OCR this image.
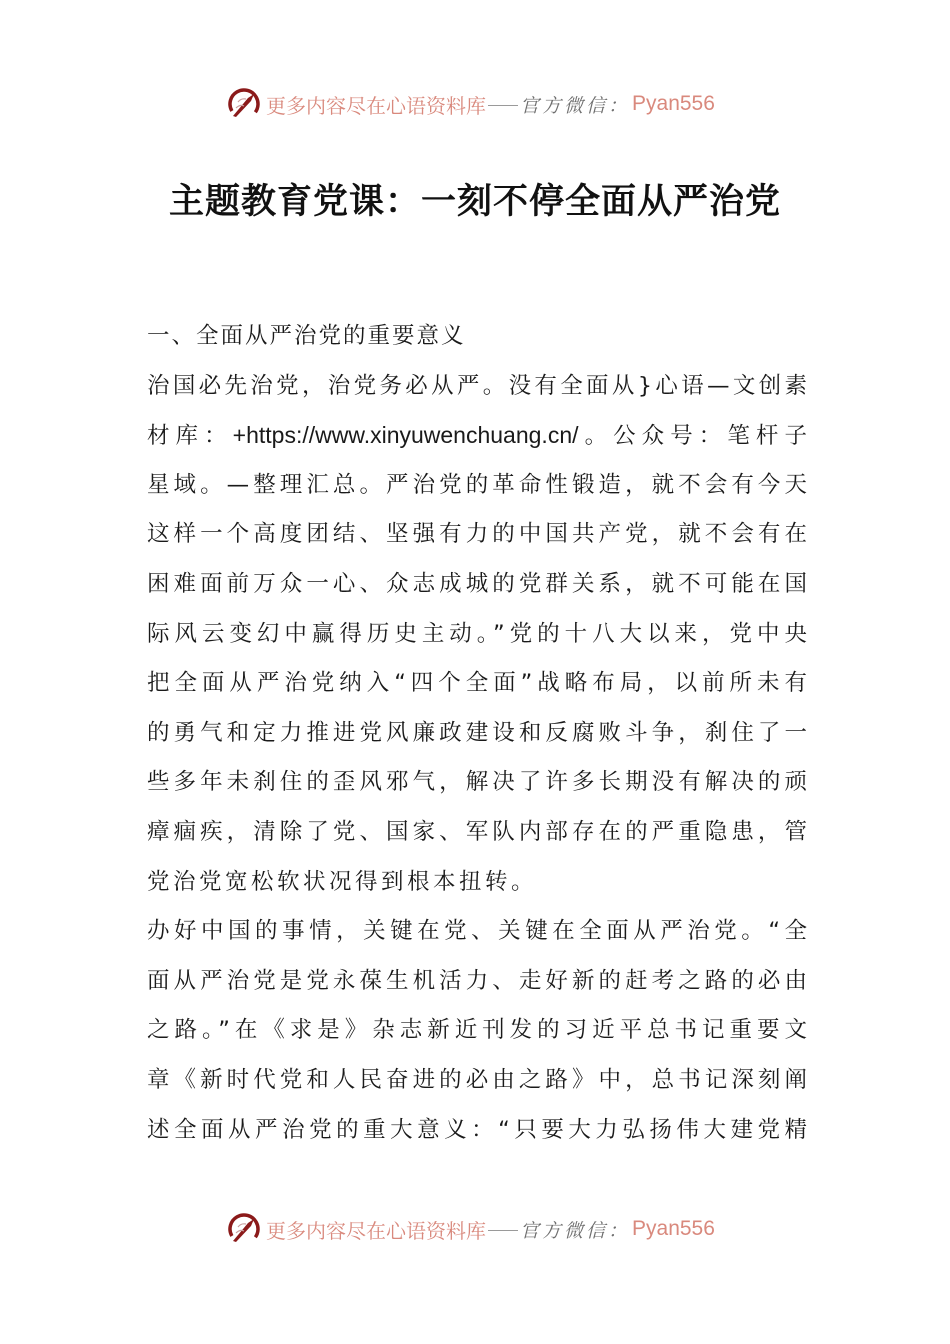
更多内容尽在心语资料库 官方微信： Pyan556
主题教育党课：一刻不停全面从严治党
一、全面从严治党的重要意义
治国必先治党，治党务必从严。没有全面从}心语—文创素
材库：+https://www.xinyuwenchuang.cn/。公众号：笔杆子
星域。—整理汇总。严治党的革命性锻造，就不会有今天
这样一个高度团结、坚强有力的中国共产党，就不会有在
困难面前万众一心、众志成城的党群关系，就不可能在国
际风云变幻中赢得历史主动。”党的十八大以来，党中央
把全面从严治党纳入“四个全面”战略布局，以前所未有
的勇气和定力推进党风廉政建设和反腐败斗争，刹住了一
些多年未刹住的歪风邪气，解决了许多长期没有解决的顽
瘴痼疾，清除了党、国家、军队内部存在的严重隐患，管
党治党宽松软状况得到根本扭转。
办好中国的事情，关键在党、关键在全面从严治党。“全
面从严治党是党永葆生机活力、走好新的赶考之路的必由
之路。”在《求是》杂志新近刊发的习近平总书记重要文
章《新时代党和人民奋进的必由之路》中，总书记深刻阐
述全面从严治党的重大意义：“只要大力弘扬伟大建党精
更多内容尽在心语资料库 官方微信： Pyan556
